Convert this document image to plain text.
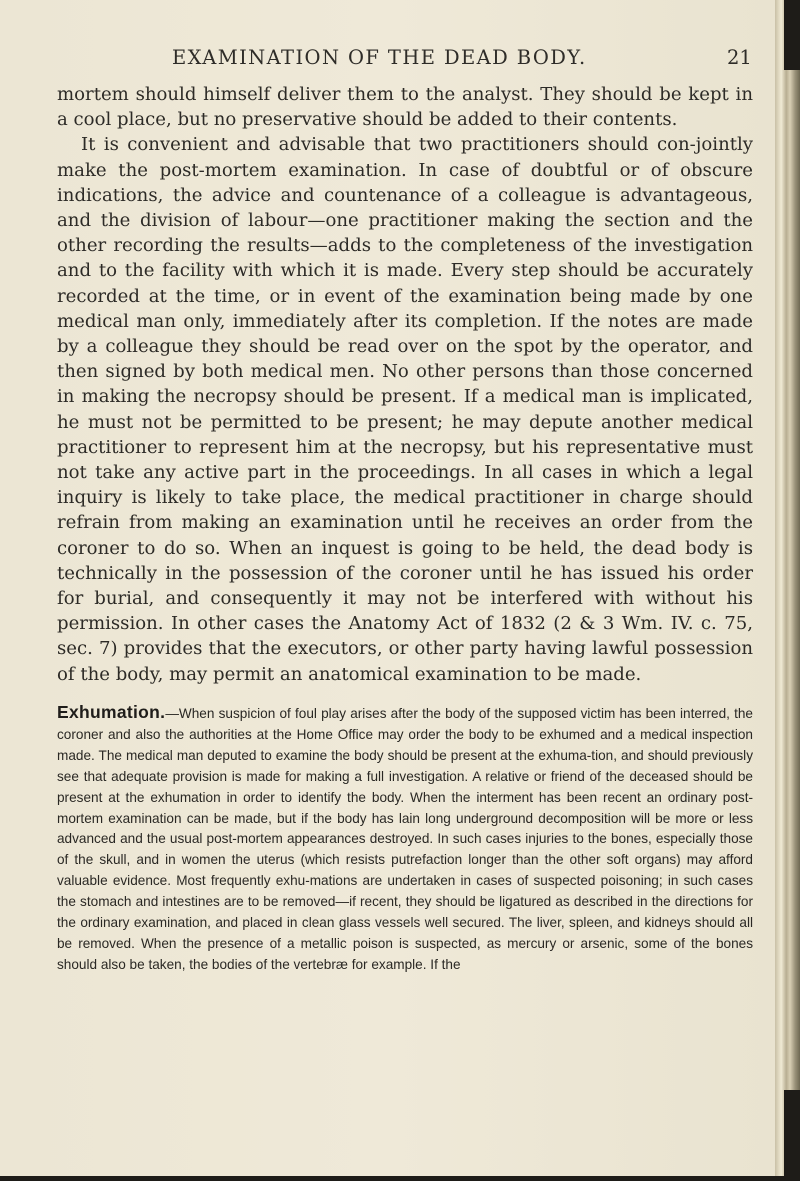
EXAMINATION OF THE DEAD BODY.	21

mortem should himself deliver them to the analyst. They should be kept in a cool place, but no preservative should be added to their contents.

It is convenient and advisable that two practitioners should con-jointly make the post-mortem examination. In case of doubtful or of obscure indications, the advice and countenance of a colleague is advantageous, and the division of labour—one practitioner making the section and the other recording the results—adds to the completeness of the investigation and to the facility with which it is made. Every step should be accurately recorded at the time, or in event of the examination being made by one medical man only, immediately after its completion. If the notes are made by a colleague they should be read over on the spot by the operator, and then signed by both medical men. No other persons than those concerned in making the necropsy should be present. If a medical man is implicated, he must not be permitted to be present; he may depute another medical practitioner to represent him at the necropsy, but his representative must not take any active part in the proceedings. In all cases in which a legal inquiry is likely to take place, the medical practitioner in charge should refrain from making an examination until he receives an order from the coroner to do so. When an inquest is going to be held, the dead body is technically in the possession of the coroner until he has issued his order for burial, and consequently it may not be interfered with without his permission. In other cases the Anatomy Act of 1832 (2 & 3 Wm. IV. c. 75, sec. 7) provides that the executors, or other party having lawful possession of the body, may permit an anatomical examination to be made.

Exhumation.—When suspicion of foul play arises after the body of the supposed victim has been interred, the coroner and also the authorities at the Home Office may order the body to be exhumed and a medical inspection made. The medical man deputed to examine the body should be present at the exhuma-tion, and should previously see that adequate provision is made for making a full investigation. A relative or friend of the deceased should be present at the exhumation in order to identify the body. When the interment has been recent an ordinary post-mortem examination can be made, but if the body has lain long underground decomposition will be more or less advanced and the usual post-mortem appearances destroyed. In such cases injuries to the bones, especially those of the skull, and in women the uterus (which resists putrefaction longer than the other soft organs) may afford valuable evidence. Most frequently exhu-mations are undertaken in cases of suspected poisoning; in such cases the stomach and intestines are to be removed—if recent, they should be ligatured as described in the directions for the ordinary examination, and placed in clean glass vessels well secured. The liver, spleen, and kidneys should all be removed. When the presence of a metallic poison is suspected, as mercury or arsenic, some of the bones should also be taken, the bodies of the vertebræ for example. If the
